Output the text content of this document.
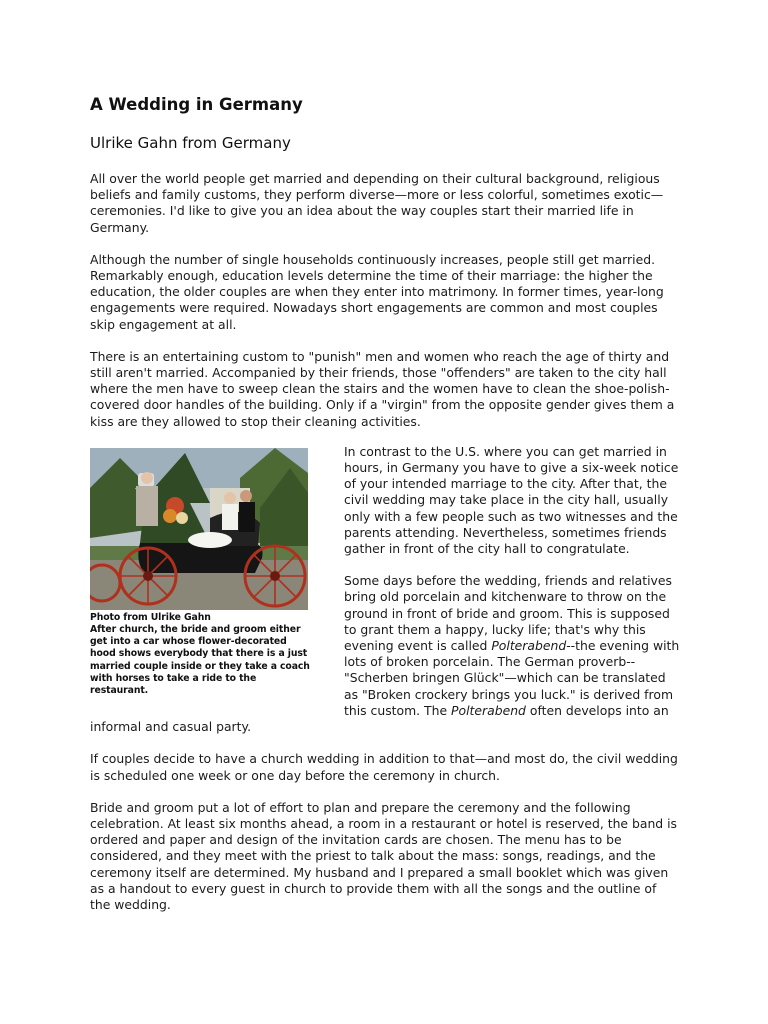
A Wedding in Germany
Ulrike Gahn from Germany

All over the world people get married and depending on their cultural background, religious beliefs and family customs, they perform diverse—more or less colorful, sometimes exotic—ceremonies. I'd like to give you an idea about the way couples start their married life in Germany.

Although the number of single households continuously increases, people still get married. Remarkably enough, education levels determine the time of their marriage: the higher the education, the older couples are when they enter into matrimony. In former times, year-long engagements were required. Nowadays short engagements are common and most couples skip engagement at all.

There is an entertaining custom to "punish" men and women who reach the age of thirty and still aren't married. Accompanied by their friends, those "offenders" are taken to the city hall where the men have to sweep clean the stairs and the women have to clean the shoe-polish-covered door handles of the building. Only if a "virgin" from the opposite gender gives them a kiss are they allowed to stop their cleaning activities.

Photo from Ulrike Gahn
After church, the bride and groom either get into a car whose flower-decorated hood shows everybody that there is a just married couple inside or they take a coach with horses to take a ride to the restaurant.

In contrast to the U.S. where you can get married in hours, in Germany you have to give a six-week notice of your intended marriage to the city. After that, the civil wedding may take place in the city hall, usually only with a few people such as two witnesses and the parents attending. Nevertheless, sometimes friends gather in front of the city hall to congratulate.

Some days before the wedding, friends and relatives bring old porcelain and kitchenware to throw on the ground in front of bride and groom. This is supposed to grant them a happy, lucky life; that's why this evening event is called Polterabend--the evening with lots of broken porcelain. The German proverb--"Scherben bringen Glück"—which can be translated as "Broken crockery brings you luck." is derived from this custom. The Polterabend often develops into an informal and casual party.

If couples decide to have a church wedding in addition to that—and most do, the civil wedding is scheduled one week or one day before the ceremony in church.

Bride and groom put a lot of effort to plan and prepare the ceremony and the following celebration. At least six months ahead, a room in a restaurant or hotel is reserved, the band is ordered and paper and design of the invitation cards are chosen. The menu has to be considered, and they meet with the priest to talk about the mass: songs, readings, and the ceremony itself are determined. My husband and I prepared a small booklet which was given as a handout to every guest in church to provide them with all the songs and the outline of the wedding.
